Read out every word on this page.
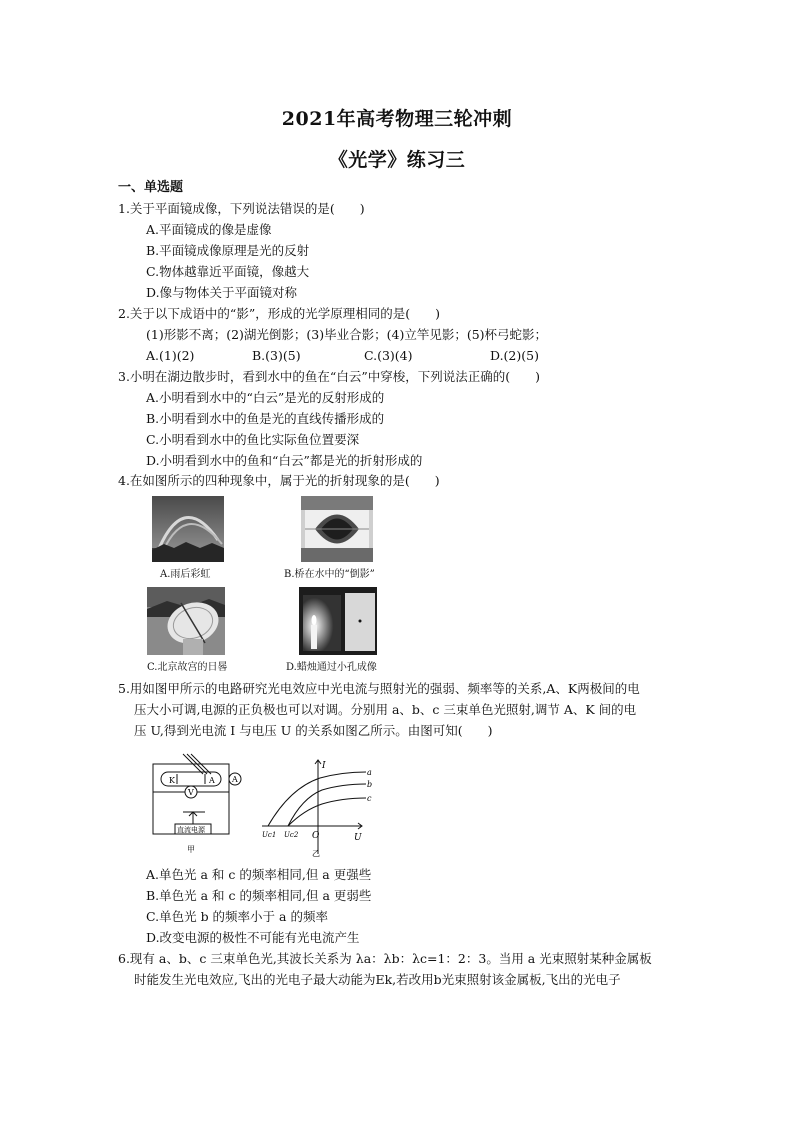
2021年高考物理三轮冲刺
《光学》练习三
一、单选题
1.关于平面镜成像，下列说法错误的是(　　)
A.平面镜成的像是虚像
B.平面镜成像原理是光的反射
C.物体越靠近平面镜，像越大
D.像与物体关于平面镜对称
2.关于以下成语中的“影”，形成的光学原理相同的是(　　)
(1)形影不离；(2)湖光倒影；(3)毕业合影；(4)立竿见影；(5)杯弓蛇影；
A.(1)(2)	B.(3)(5)	C.(3)(4)	D.(2)(5)
3.小明在湖边散步时，看到水中的鱼在“白云”中穿梭，下列说法正确的(　　)
A.小明看到水中的“白云”是光的反射形成的
B.小明看到水中的鱼是光的直线传播形成的
C.小明看到水中的鱼比实际鱼位置要深
D.小明看到水中的鱼和“白云”都是光的折射形成的
4.在如图所示的四种现象中，属于光的折射现象的是(　　)
A.雨后彩虹	B.桥在水中的“倒影”
C.北京故宫的日晷	D.蜡烛通过小孔成像
5.用如图甲所示的电路研究光电效应中光电流与照射光的强弱、频率等的关系,A、K两极间的电
压大小可调,电源的正负极也可以对调。分别用 a、b、c 三束单色光照射,调节 A、K 间的电
压 U,得到光电流 I 与电压 U 的关系如图乙所示。由图可知(　　)
K	A A
V
直流电源
甲
I
U
O
Uc1 Uc2
a
b
c
乙
A.单色光 a 和 c 的频率相同,但 a 更强些
B.单色光 a 和 c 的频率相同,但 a 更弱些
C.单色光 b 的频率小于 a 的频率
D.改变电源的极性不可能有光电流产生
6.现有 a、b、c 三束单色光,其波长关系为 λa：λb：λc=1：2：3。当用 a 光束照射某种金属板
时能发生光电效应,飞出的光电子最大动能为Ek,若改用b光束照射该金属板,飞出的光电子
